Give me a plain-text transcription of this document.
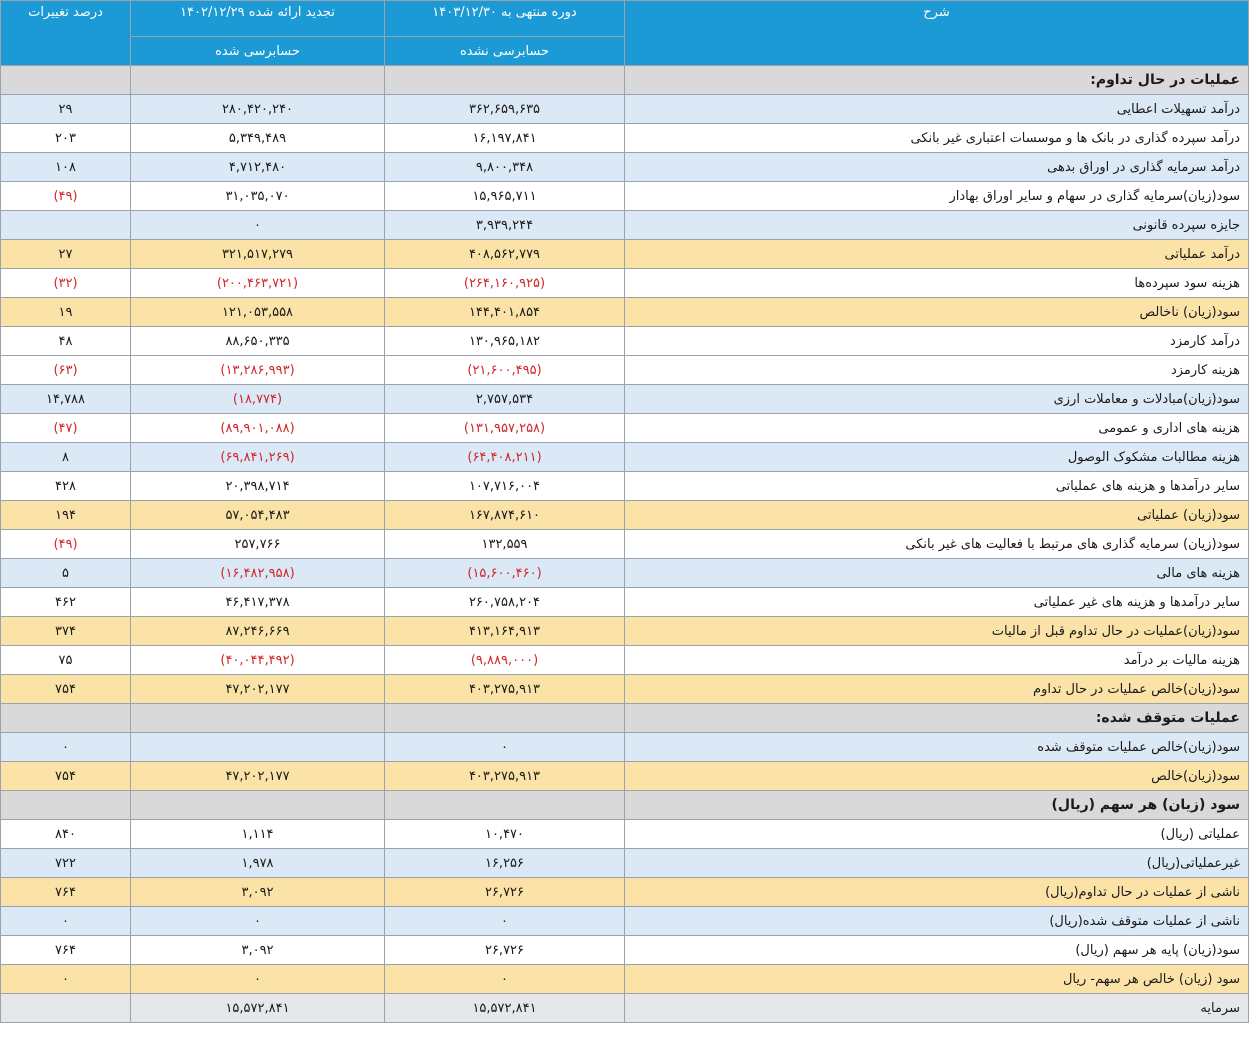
شرح	دوره منتهی به ۱۴۰۳/۱۲/۳۰	تجدید ارائه شده ۱۴۰۲/۱۲/۲۹	درصد تغییرات
	حسابرسی نشده	حسابرسی شده	
عملیات در حال تداوم:			
درآمد تسهیلات اعطایی	۳۶۲,۶۵۹,۶۳۵	۲۸۰,۴۲۰,۲۴۰	۲۹
درآمد سپرده گذاری در بانک ها و موسسات اعتباری غیر بانکی	۱۶,۱۹۷,۸۴۱	۵,۳۴۹,۴۸۹	۲۰۳
درآمد سرمایه گذاری در اوراق بدهی	۹,۸۰۰,۳۴۸	۴,۷۱۲,۴۸۰	۱۰۸
سود(زیان)سرمایه گذاری در سهام و سایر اوراق بهادار	۱۵,۹۶۵,۷۱۱	۳۱,۰۳۵,۰۷۰	(۴۹)
جایزه سپرده قانونی	۳,۹۳۹,۲۴۴	۰	
درآمد عملیاتی	۴۰۸,۵۶۲,۷۷۹	۳۲۱,۵۱۷,۲۷۹	۲۷
هزینه سود سپرده‌ها	(۲۶۴,۱۶۰,۹۲۵)	(۲۰۰,۴۶۳,۷۲۱)	(۳۲)
سود(زیان) ناخالص	۱۴۴,۴۰۱,۸۵۴	۱۲۱,۰۵۳,۵۵۸	۱۹
درآمد کارمزد	۱۳۰,۹۶۵,۱۸۲	۸۸,۶۵۰,۳۳۵	۴۸
هزینه کارمزد	(۲۱,۶۰۰,۴۹۵)	(۱۳,۲۸۶,۹۹۳)	(۶۳)
سود(زیان)مبادلات و معاملات ارزی	۲,۷۵۷,۵۳۴	(۱۸,۷۷۴)	۱۴,۷۸۸
هزینه های اداری و عمومی	(۱۳۱,۹۵۷,۲۵۸)	(۸۹,۹۰۱,۰۸۸)	(۴۷)
هزینه مطالبات مشکوک الوصول	(۶۴,۴۰۸,۲۱۱)	(۶۹,۸۴۱,۲۶۹)	۸
سایر درآمدها و هزینه های عملیاتی	۱۰۷,۷۱۶,۰۰۴	۲۰,۳۹۸,۷۱۴	۴۲۸
سود(زیان) عملیاتی	۱۶۷,۸۷۴,۶۱۰	۵۷,۰۵۴,۴۸۳	۱۹۴
سود(زیان) سرمایه گذاری های مرتبط با فعالیت های غیر بانکی	۱۳۲,۵۵۹	۲۵۷,۷۶۶	(۴۹)
هزینه های مالی	(۱۵,۶۰۰,۴۶۰)	(۱۶,۴۸۲,۹۵۸)	۵
سایر درآمدها و هزینه های غیر عملیاتی	۲۶۰,۷۵۸,۲۰۴	۴۶,۴۱۷,۳۷۸	۴۶۲
سود(زیان)عملیات در حال تداوم قبل از مالیات	۴۱۳,۱۶۴,۹۱۳	۸۷,۲۴۶,۶۶۹	۳۷۴
هزینه مالیات بر درآمد	(۹,۸۸۹,۰۰۰)	(۴۰,۰۴۴,۴۹۲)	۷۵
سود(زیان)خالص عملیات در حال تداوم	۴۰۳,۲۷۵,۹۱۳	۴۷,۲۰۲,۱۷۷	۷۵۴
عملیات متوقف شده:			
سود(زیان)خالص عملیات متوقف شده	۰		۰
سود(زیان)خالص	۴۰۳,۲۷۵,۹۱۳	۴۷,۲۰۲,۱۷۷	۷۵۴
سود (زیان) هر سهم (ریال)			
عملیاتی (ریال)	۱۰,۴۷۰	۱,۱۱۴	۸۴۰
غیرعملیاتی(ریال)	۱۶,۲۵۶	۱,۹۷۸	۷۲۲
ناشی از عملیات در حال تداوم(ریال)	۲۶,۷۲۶	۳,۰۹۲	۷۶۴
ناشی از عملیات متوقف شده(ریال)	۰	۰	۰
سود(زیان) پایه هر سهم (ریال)	۲۶,۷۲۶	۳,۰۹۲	۷۶۴
سود (زیان) خالص هر سهم- ریال	۰	۰	۰
سرمایه	۱۵,۵۷۲,۸۴۱	۱۵,۵۷۲,۸۴۱	
